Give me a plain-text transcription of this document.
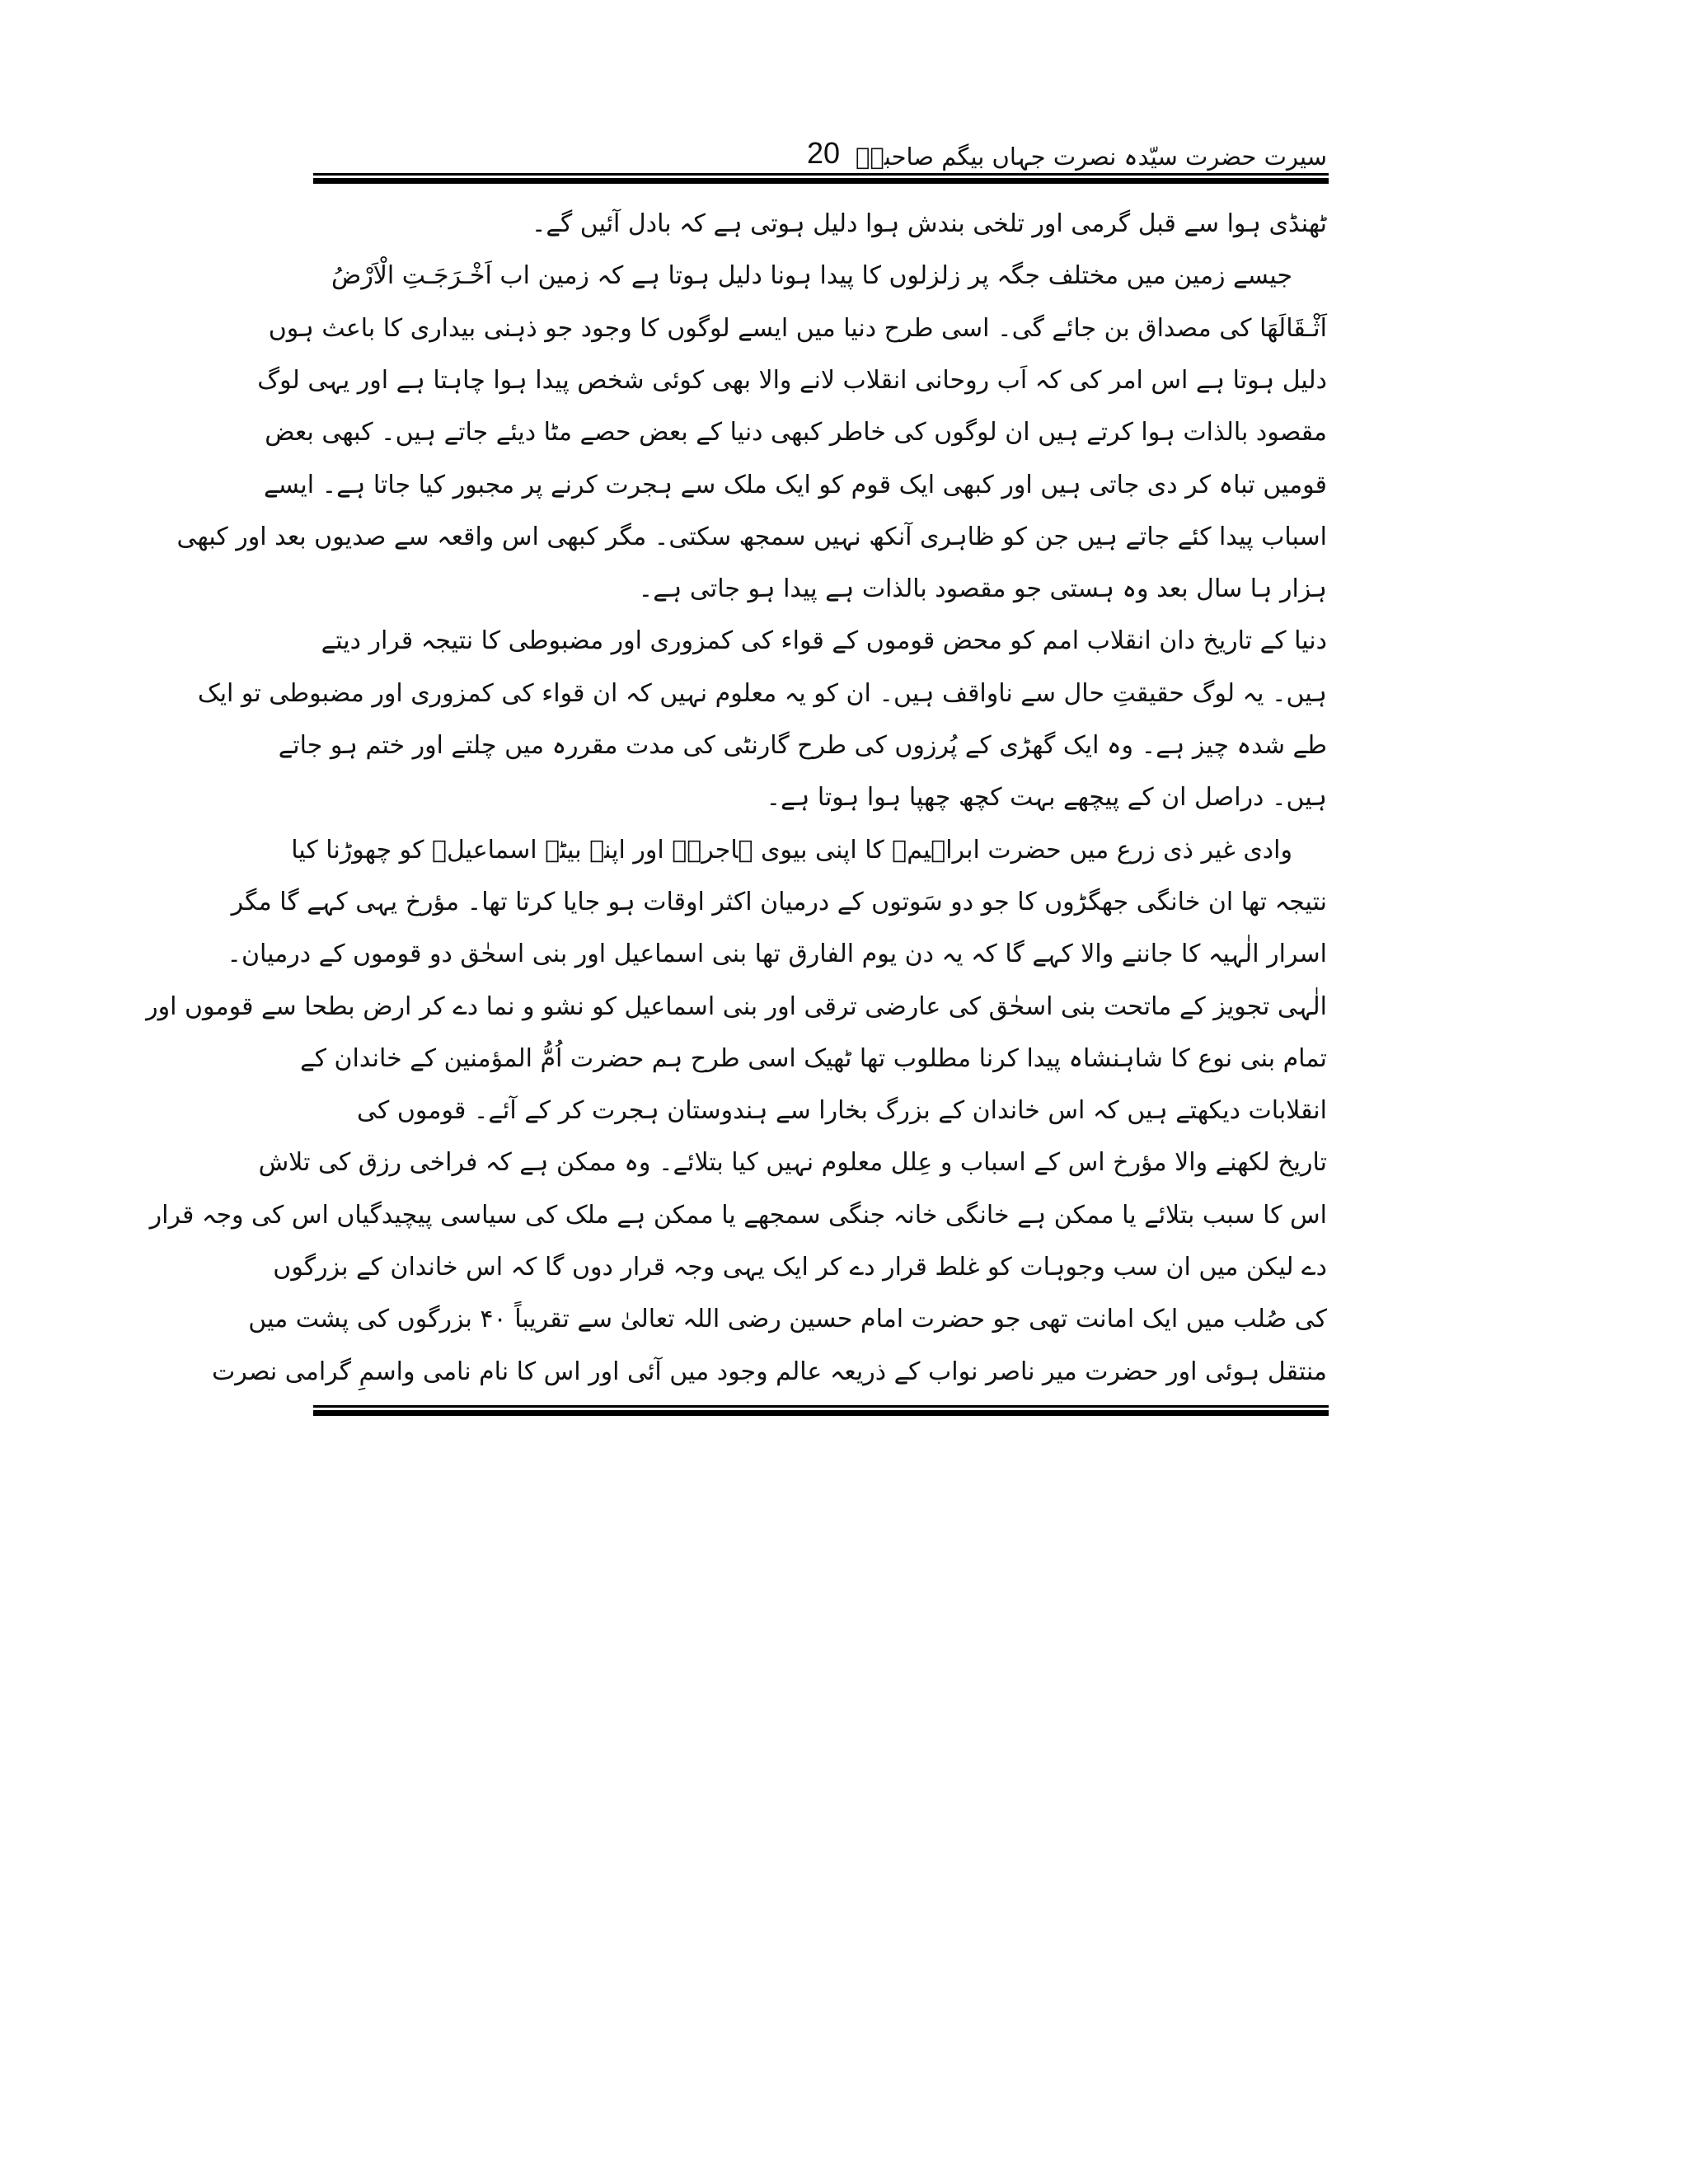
سیرت حضرت سیّدہ نصرت جہاں بیگم صاحبہؓ
20
ٹھنڈی ہوا سے قبل گرمی اور تلخی بندش ہوا دلیل ہوتی ہے کہ بادل آئیں گے۔
جیسے زمین میں مختلف جگہ پر زلزلوں کا پیدا ہونا دلیل ہوتا ہے کہ زمین اب اَخْـرَجَـتِ الْاَرْضُ
اَثْـقَالَهَا کی مصداق بن جائے گی۔ اسی طرح دنیا میں ایسے لوگوں کا وجود جو ذہنی بیداری کا باعث ہوں
دلیل ہوتا ہے اس امر کی کہ اَب روحانی انقلاب لانے والا بھی کوئی شخص پیدا ہوا چاہتا ہے اور یہی لوگ
مقصود بالذات ہوا کرتے ہیں ان لوگوں کی خاطر کبھی دنیا کے بعض حصے مٹا دیئے جاتے ہیں۔ کبھی بعض
قومیں تباہ کر دی جاتی ہیں اور کبھی ایک قوم کو ایک ملک سے ہجرت کرنے پر مجبور کیا جاتا ہے۔ ایسے
اسباب پیدا کئے جاتے ہیں جن کو ظاہری آنکھ نہیں سمجھ سکتی۔ مگر کبھی اس واقعہ سے صدیوں بعد اور کبھی
ہزار ہا سال بعد وہ ہستی جو مقصود بالذات ہے پیدا ہو جاتی ہے۔
دنیا کے تاریخ دان انقلاب امم کو محض قوموں کے قواء کی کمزوری اور مضبوطی کا نتیجہ قرار دیتے
ہیں۔ یہ لوگ حقیقتِ حال سے ناواقف ہیں۔ ان کو یہ معلوم نہیں کہ ان قواء کی کمزوری اور مضبوطی تو ایک
طے شدہ چیز ہے۔ وہ ایک گھڑی کے پُرزوں کی طرح گارنٹی کی مدت مقررہ میں چلتے اور ختم ہو جاتے
ہیں۔ دراصل ان کے پیچھے بہت کچھ چھپا ہوا ہوتا ہے۔
وادی غیر ذی زرع میں حضرت ابراہیمؑ کا اپنی بیوی ہاجرہؑ اور اپنے بیٹے اسماعیلؑ کو چھوڑنا کیا
نتیجہ تھا ان خانگی جھگڑوں کا جو دو سَوتوں کے درمیان اکثر اوقات ہو جایا کرتا تھا۔ مؤرخ یہی کہے گا مگر
اسرار الٰہیہ کا جاننے والا کہے گا کہ یہ دن یوم الفارق تھا بنی اسماعیل اور بنی اسحٰق دو قوموں کے درمیان۔
الٰہی تجویز کے ماتحت بنی اسحٰق کی عارضی ترقی اور بنی اسماعیل کو نشو و نما دے کر ارض بطحا سے قوموں اور
تمام بنی نوع کا شاہنشاہ پیدا کرنا مطلوب تھا ٹھیک اسی طرح ہم حضرت اُمُّ المؤمنین کے خاندان کے
انقلابات دیکھتے ہیں کہ اس خاندان کے بزرگ بخارا سے ہندوستان ہجرت کر کے آئے۔ قوموں کی
تاریخ لکھنے والا مؤرخ اس کے اسباب و عِلل معلوم نہیں کیا بتلائے۔ وہ ممکن ہے کہ فراخی رزق کی تلاش
اس کا سبب بتلائے یا ممکن ہے خانگی خانہ جنگی سمجھے یا ممکن ہے ملک کی سیاسی پیچیدگیاں اس کی وجہ قرار
دے لیکن میں ان سب وجوہات کو غلط قرار دے کر ایک یہی وجہ قرار دوں گا کہ اس خاندان کے بزرگوں
کی صُلب میں ایک امانت تھی جو حضرت امام حسین رضی اللہ تعالیٰ سے تقریباً ۴۰ بزرگوں کی پشت میں
منتقل ہوئی اور حضرت میر ناصر نواب کے ذریعہ عالم وجود میں آئی اور اس کا نام نامی واسمِ گرامی نصرت
